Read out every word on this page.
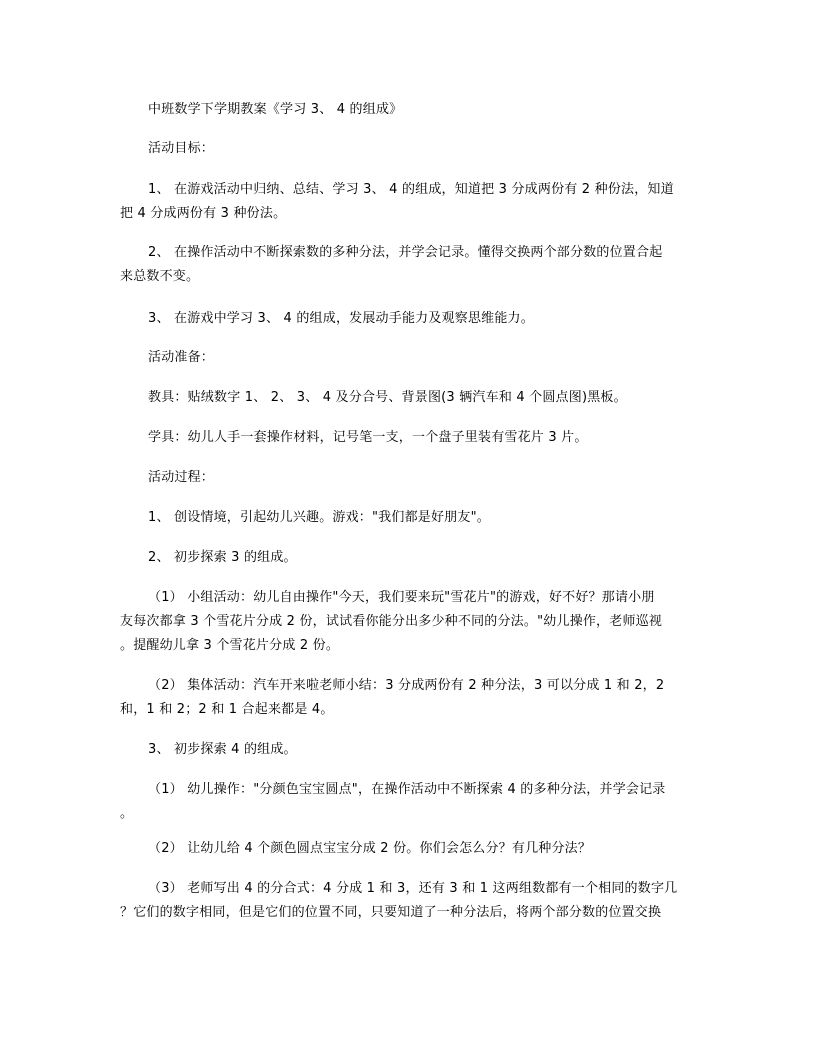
中班数学下学期教案《学习 3、 4 的组成》
活动目标：
1、 在游戏活动中归纳、总结、学习 3、 4 的组成，知道把 3 分成两份有 2 种份法，知道
把 4 分成两份有 3 种份法。
2、 在操作活动中不断探索数的多种分法，并学会记录。懂得交换两个部分数的位置合起
来总数不变。
3、 在游戏中学习 3、 4 的组成，发展动手能力及观察思维能力。
活动准备：
教具：贴绒数字 1、 2、 3、 4 及分合号、背景图(3 辆汽车和 4 个圆点图)黑板。
学具：幼儿人手一套操作材料，记号笔一支，一个盘子里装有雪花片 3 片。
活动过程：
1、 创设情境，引起幼儿兴趣。游戏："我们都是好朋友"。
2、 初步探索 3 的组成。
（1） 小组活动：幼儿自由操作"今天，我们要来玩"雪花片"的游戏，好不好？那请小朋
友每次都拿 3 个雪花片分成 2 份，试试看你能分出多少种不同的分法。"幼儿操作，老师巡视
。提醒幼儿拿 3 个雪花片分成 2 份。
（2） 集体活动：汽车开来啦老师小结：3 分成两份有 2 种分法，3 可以分成 1 和 2，2
和，1 和 2；2 和 1 合起来都是 4。
3、 初步探索 4 的组成。
（1） 幼儿操作："分颜色宝宝圆点"，在操作活动中不断探索 4 的多种分法，并学会记录
。
（2） 让幼儿给 4 个颜色圆点宝宝分成 2 份。你们会怎么分？有几种分法？
（3） 老师写出 4 的分合式：4 分成 1 和 3，还有 3 和 1 这两组数都有一个相同的数字几
？它们的数字相同，但是它们的位置不同，只要知道了一种分法后，将两个部分数的位置交换
